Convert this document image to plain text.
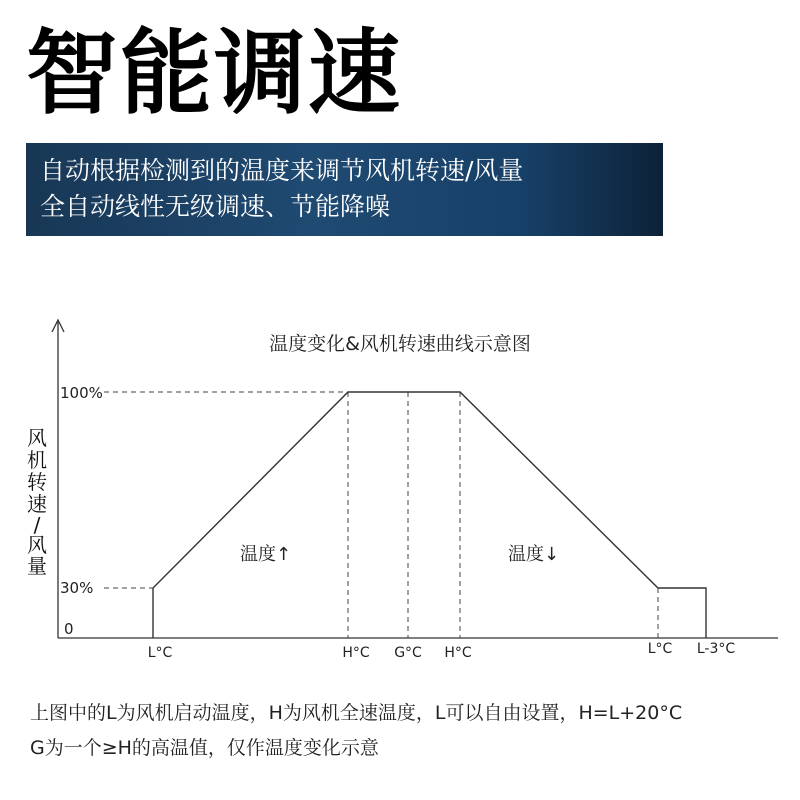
智能调速
自动根据检测到的温度来调节风机转速/风量
全自动线性无级调速、节能降噪
温度变化&风机转速曲线示意图
风
机
转
速
/
风
量
100%
30%
0
L°C	H°C G°C H°C	L°C L-3°C
温度↑	温度↓
上图中的L为风机启动温度，H为风机全速温度，L可以自由设置，H=L+20°C
G为一个≥H的高温值，仅作温度变化示意
